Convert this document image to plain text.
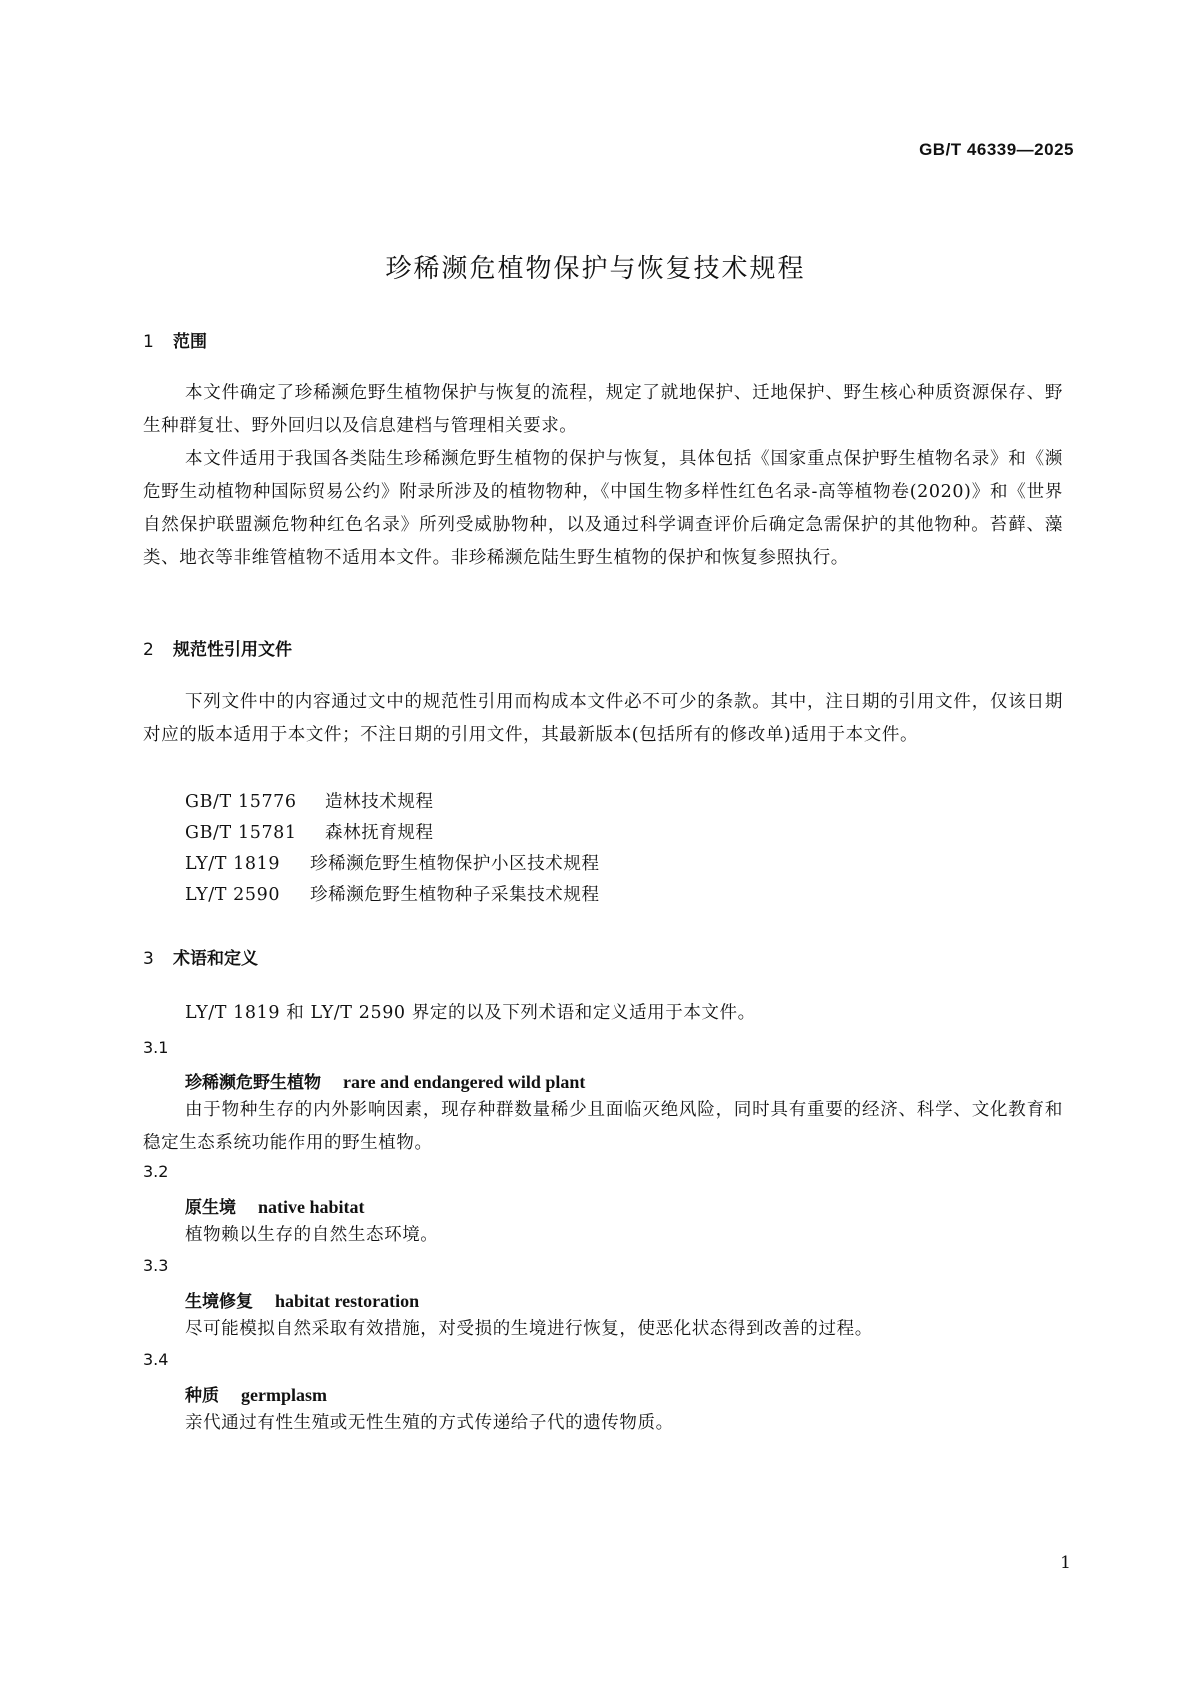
GB/T 46339—2025
珍稀濒危植物保护与恢复技术规程
1 范围
本文件确定了珍稀濒危野生植物保护与恢复的流程，规定了就地保护、迁地保护、野生核心种质资源保存、野生种群复壮、野外回归以及信息建档与管理相关要求。
本文件适用于我国各类陆生珍稀濒危野生植物的保护与恢复，具体包括《国家重点保护野生植物名录》和《濒危野生动植物种国际贸易公约》附录所涉及的植物物种，《中国生物多样性红色名录-高等植物卷(2020)》和《世界自然保护联盟濒危物种红色名录》所列受威胁物种，以及通过科学调查评价后确定急需保护的其他物种。苔藓、藻类、地衣等非维管植物不适用本文件。非珍稀濒危陆生野生植物的保护和恢复参照执行。
2 规范性引用文件
下列文件中的内容通过文中的规范性引用而构成本文件必不可少的条款。其中，注日期的引用文件，仅该日期对应的版本适用于本文件；不注日期的引用文件，其最新版本(包括所有的修改单)适用于本文件。
GB/T 15776 造林技术规程
GB/T 15781 森林抚育规程
LY/T 1819 珍稀濒危野生植物保护小区技术规程
LY/T 2590 珍稀濒危野生植物种子采集技术规程
3 术语和定义
LY/T 1819 和 LY/T 2590 界定的以及下列术语和定义适用于本文件。
3.1
珍稀濒危野生植物 rare and endangered wild plant
由于物种生存的内外影响因素，现存种群数量稀少且面临灭绝风险，同时具有重要的经济、科学、文化教育和稳定生态系统功能作用的野生植物。
3.2
原生境 native habitat
植物赖以生存的自然生态环境。
3.3
生境修复 habitat restoration
尽可能模拟自然采取有效措施，对受损的生境进行恢复，使恶化状态得到改善的过程。
3.4
种质 germplasm
亲代通过有性生殖或无性生殖的方式传递给子代的遗传物质。
1
